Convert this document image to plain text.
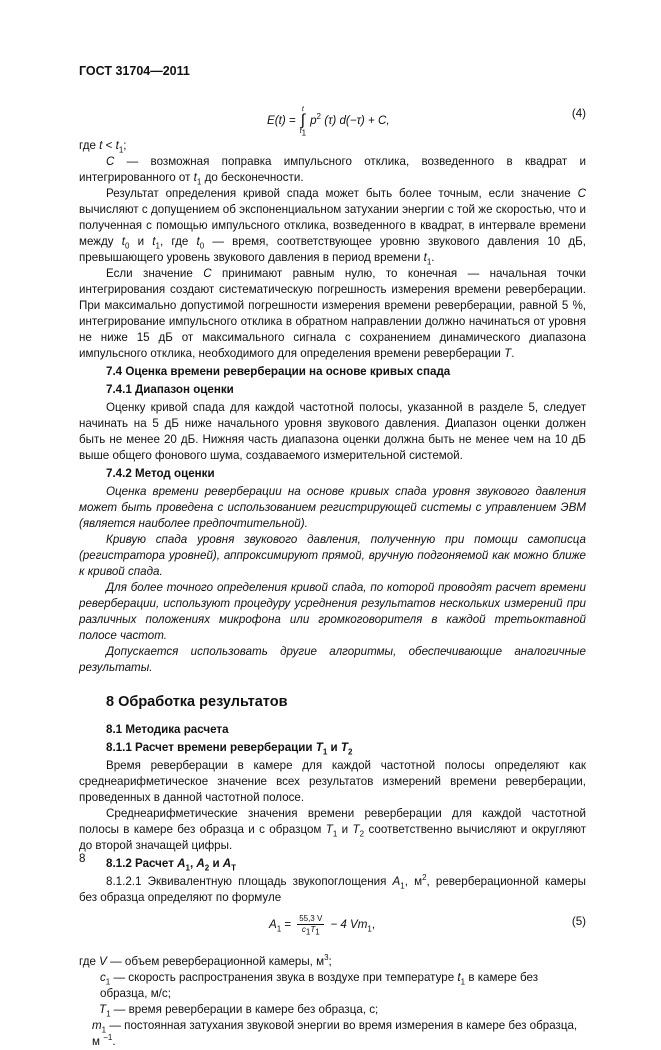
ГОСТ 31704—2011
E(t) =
t
∫
$t_1$
$p^2$ (τ) d(−τ) + C,
(4)

где $t < t_1$;

C — возможная поправка импульсного отклика, возведенного в квадрат и интегрированного от $t_1$ до бесконечности.

Результат определения кривой спада может быть более точным, если значение C вычисляют с допущением об экспоненциальном затухании энергии с той же скоростью, что и полученная с помощью импульсного отклика, возведенного в квадрат, в интервале времени между $t_0$ и $t_1$, где $t_0$ — время, соответствующее уровню звукового давления 10 дБ, превышающего уровень звукового давления в период времени $t_1$.

Если значение C принимают равным нулю, то конечная — начальная точки интегрирования создают систематическую погрешность измерения времени реверберации. При максимально допустимой погрешности измерения времени реверберации, равной 5 %, интегрирование импульсного отклика в обратном направлении должно начинаться от уровня не ниже 15 дБ от максимального сигнала с сохранением динамического диапазона импульсного отклика, необходимого для определения времени реверберации T.

7.4 Оценка времени реверберации на основе кривых спада

7.4.1 Диапазон оценки

Оценку кривой спада для каждой частотной полосы, указанной в разделе 5, следует начинать на 5 дБ ниже начального уровня звукового давления. Диапазон оценки должен быть не менее 20 дБ. Нижняя часть диапазона оценки должна быть не менее чем на 10 дБ выше общего фонового шума, создаваемого измерительной системой.

7.4.2 Метод оценки

Оценка времени реверберации на основе кривых спада уровня звукового давления может быть проведена с использованием регистрирующей системы с управлением ЭВМ (является наиболее предпочтительной).

Кривую спада уровня звукового давления, полученную при помощи самописца (регистратора уровней), аппроксимируют прямой, вручную подгоняемой как можно ближе к кривой спада.

Для более точного определения кривой спада, по которой проводят расчет времени реверберации, используют процедуру усреднения результатов нескольких измерений при различных положениях микрофона или громкоговорителя в каждой третьоктавной полосе частот.

Допускается использовать другие алгоритмы, обеспечивающие аналогичные результаты.

8 Обработка результатов

8.1 Методика расчета

8.1.1 Расчет времени реверберации $T_1$ и $T_2$

Время реверберации в камере для каждой частотной полосы определяют как среднеарифметическое значение всех результатов измерений времени реверберации, проведенных в данной частотной полосе.

Среднеарифметические значения времени реверберации для каждой частотной полосы в камере без образца и с образцом $T_1$ и $T_2$ соответственно вычисляют и округляют до второй значащей цифры.

8.1.2 Расчет $A_1$, $A_2$ и $A_T$

8.1.2.1 Эквивалентную площадь звукопоглощения $A_1$, $м^2$, реверберационной камеры без образца определяют по формуле

$A_1 = \frac{55,3 V}{c_1T_1} - 4$ $Vm_1$,	(5)

где V — объем реверберационной камеры, $м^3$;

$c_1$ — скорость распространения звука в воздухе при температуре $t_1$ в камере без образца, м/с;

$T_1$ — время реверберации в камере без образца, с;

$m_1$ — постоянная затухания звуковой энергии во время измерения в камере без образца, м $^{-1}$.

8
